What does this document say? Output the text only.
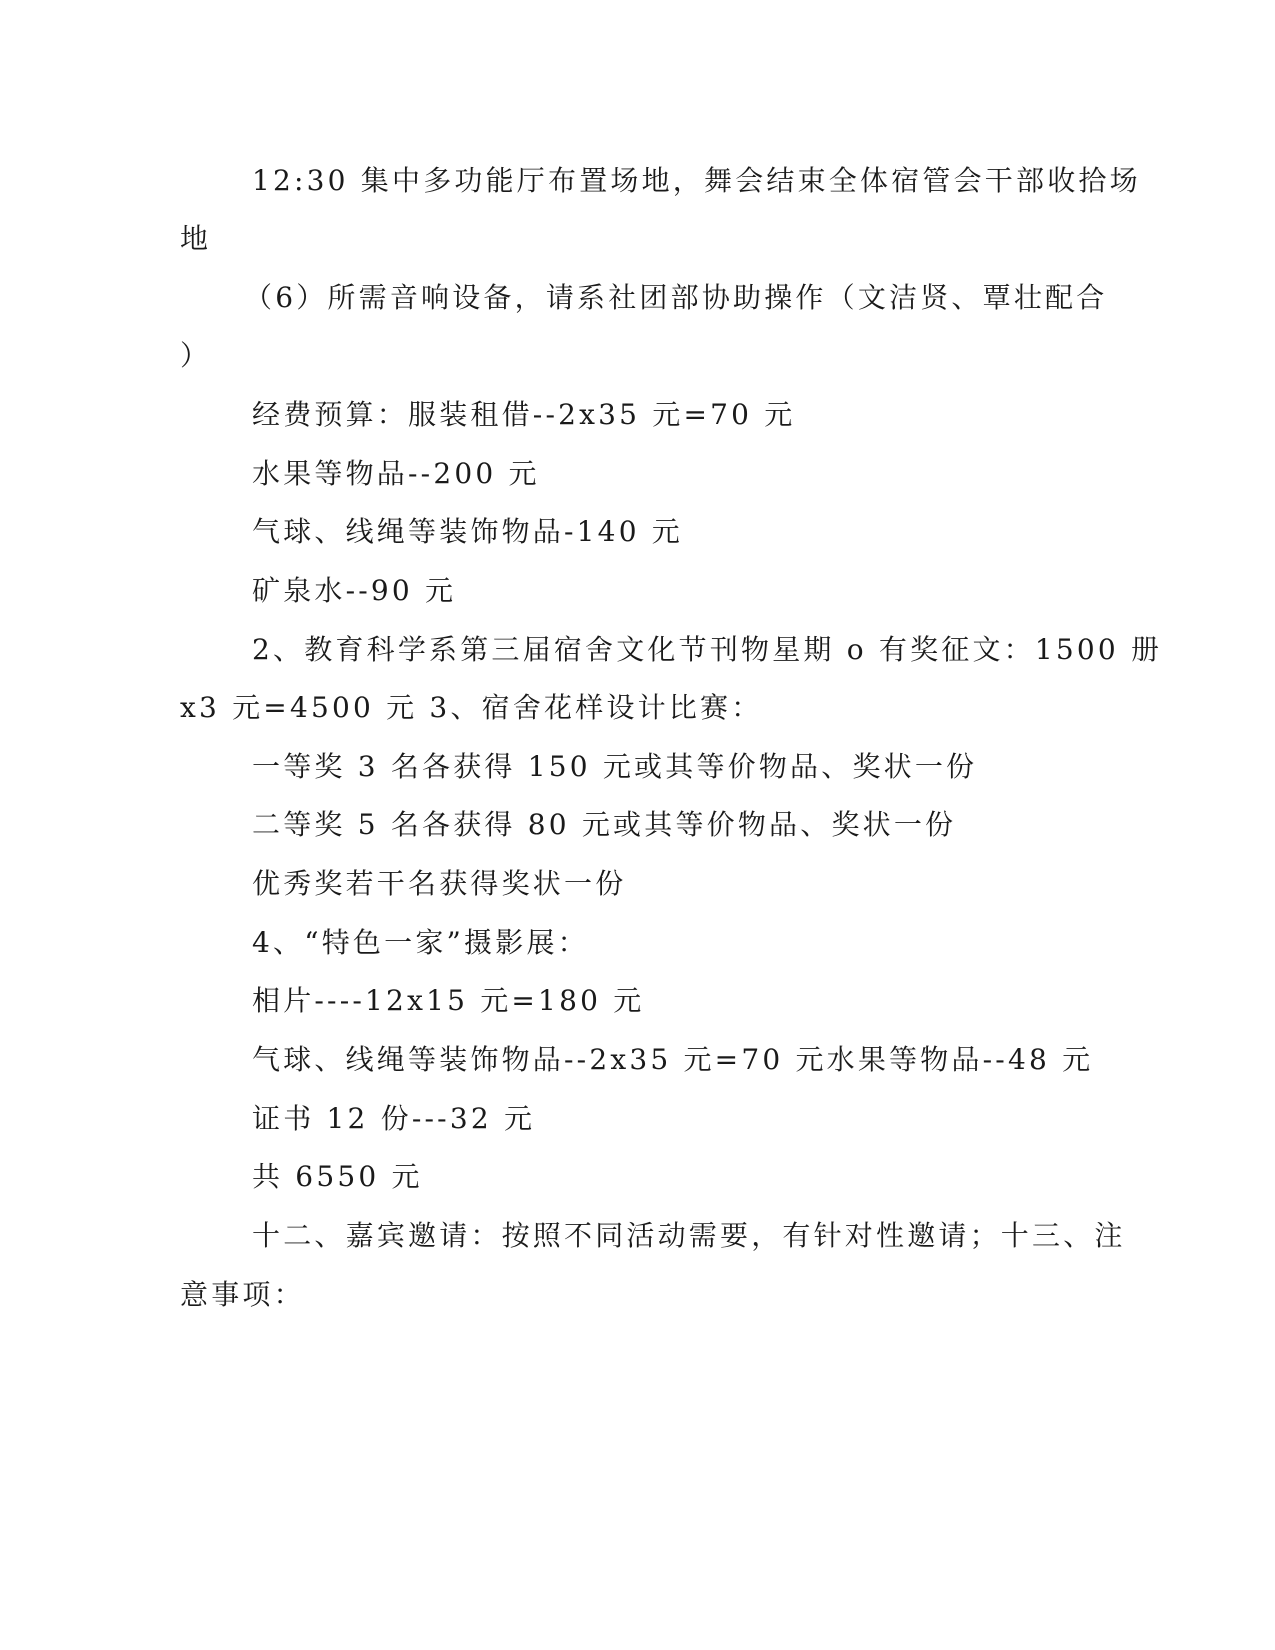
12:30 集中多功能厅布置场地，舞会结束全体宿管会干部收拾场

地

（6）所需音响设备，请系社团部协助操作（文洁贤、覃壮配合

）

经费预算：服装租借--2x35 元=70 元

水果等物品--200 元

气球、线绳等装饰物品-140 元

矿泉水--90 元

2、教育科学系第三届宿舍文化节刊物星期 o 有奖征文：1500 册

x3 元=4500 元 3、宿舍花样设计比赛：

一等奖 3 名各获得 150 元或其等价物品、奖状一份

二等奖 5 名各获得 80 元或其等价物品、奖状一份

优秀奖若干名获得奖状一份

4、“特色一家”摄影展：

相片----12x15 元=180 元

气球、线绳等装饰物品--2x35 元=70 元水果等物品--48 元

证书 12 份---32 元

共 6550 元

十二、嘉宾邀请：按照不同活动需要，有针对性邀请；十三、注

意事项：
